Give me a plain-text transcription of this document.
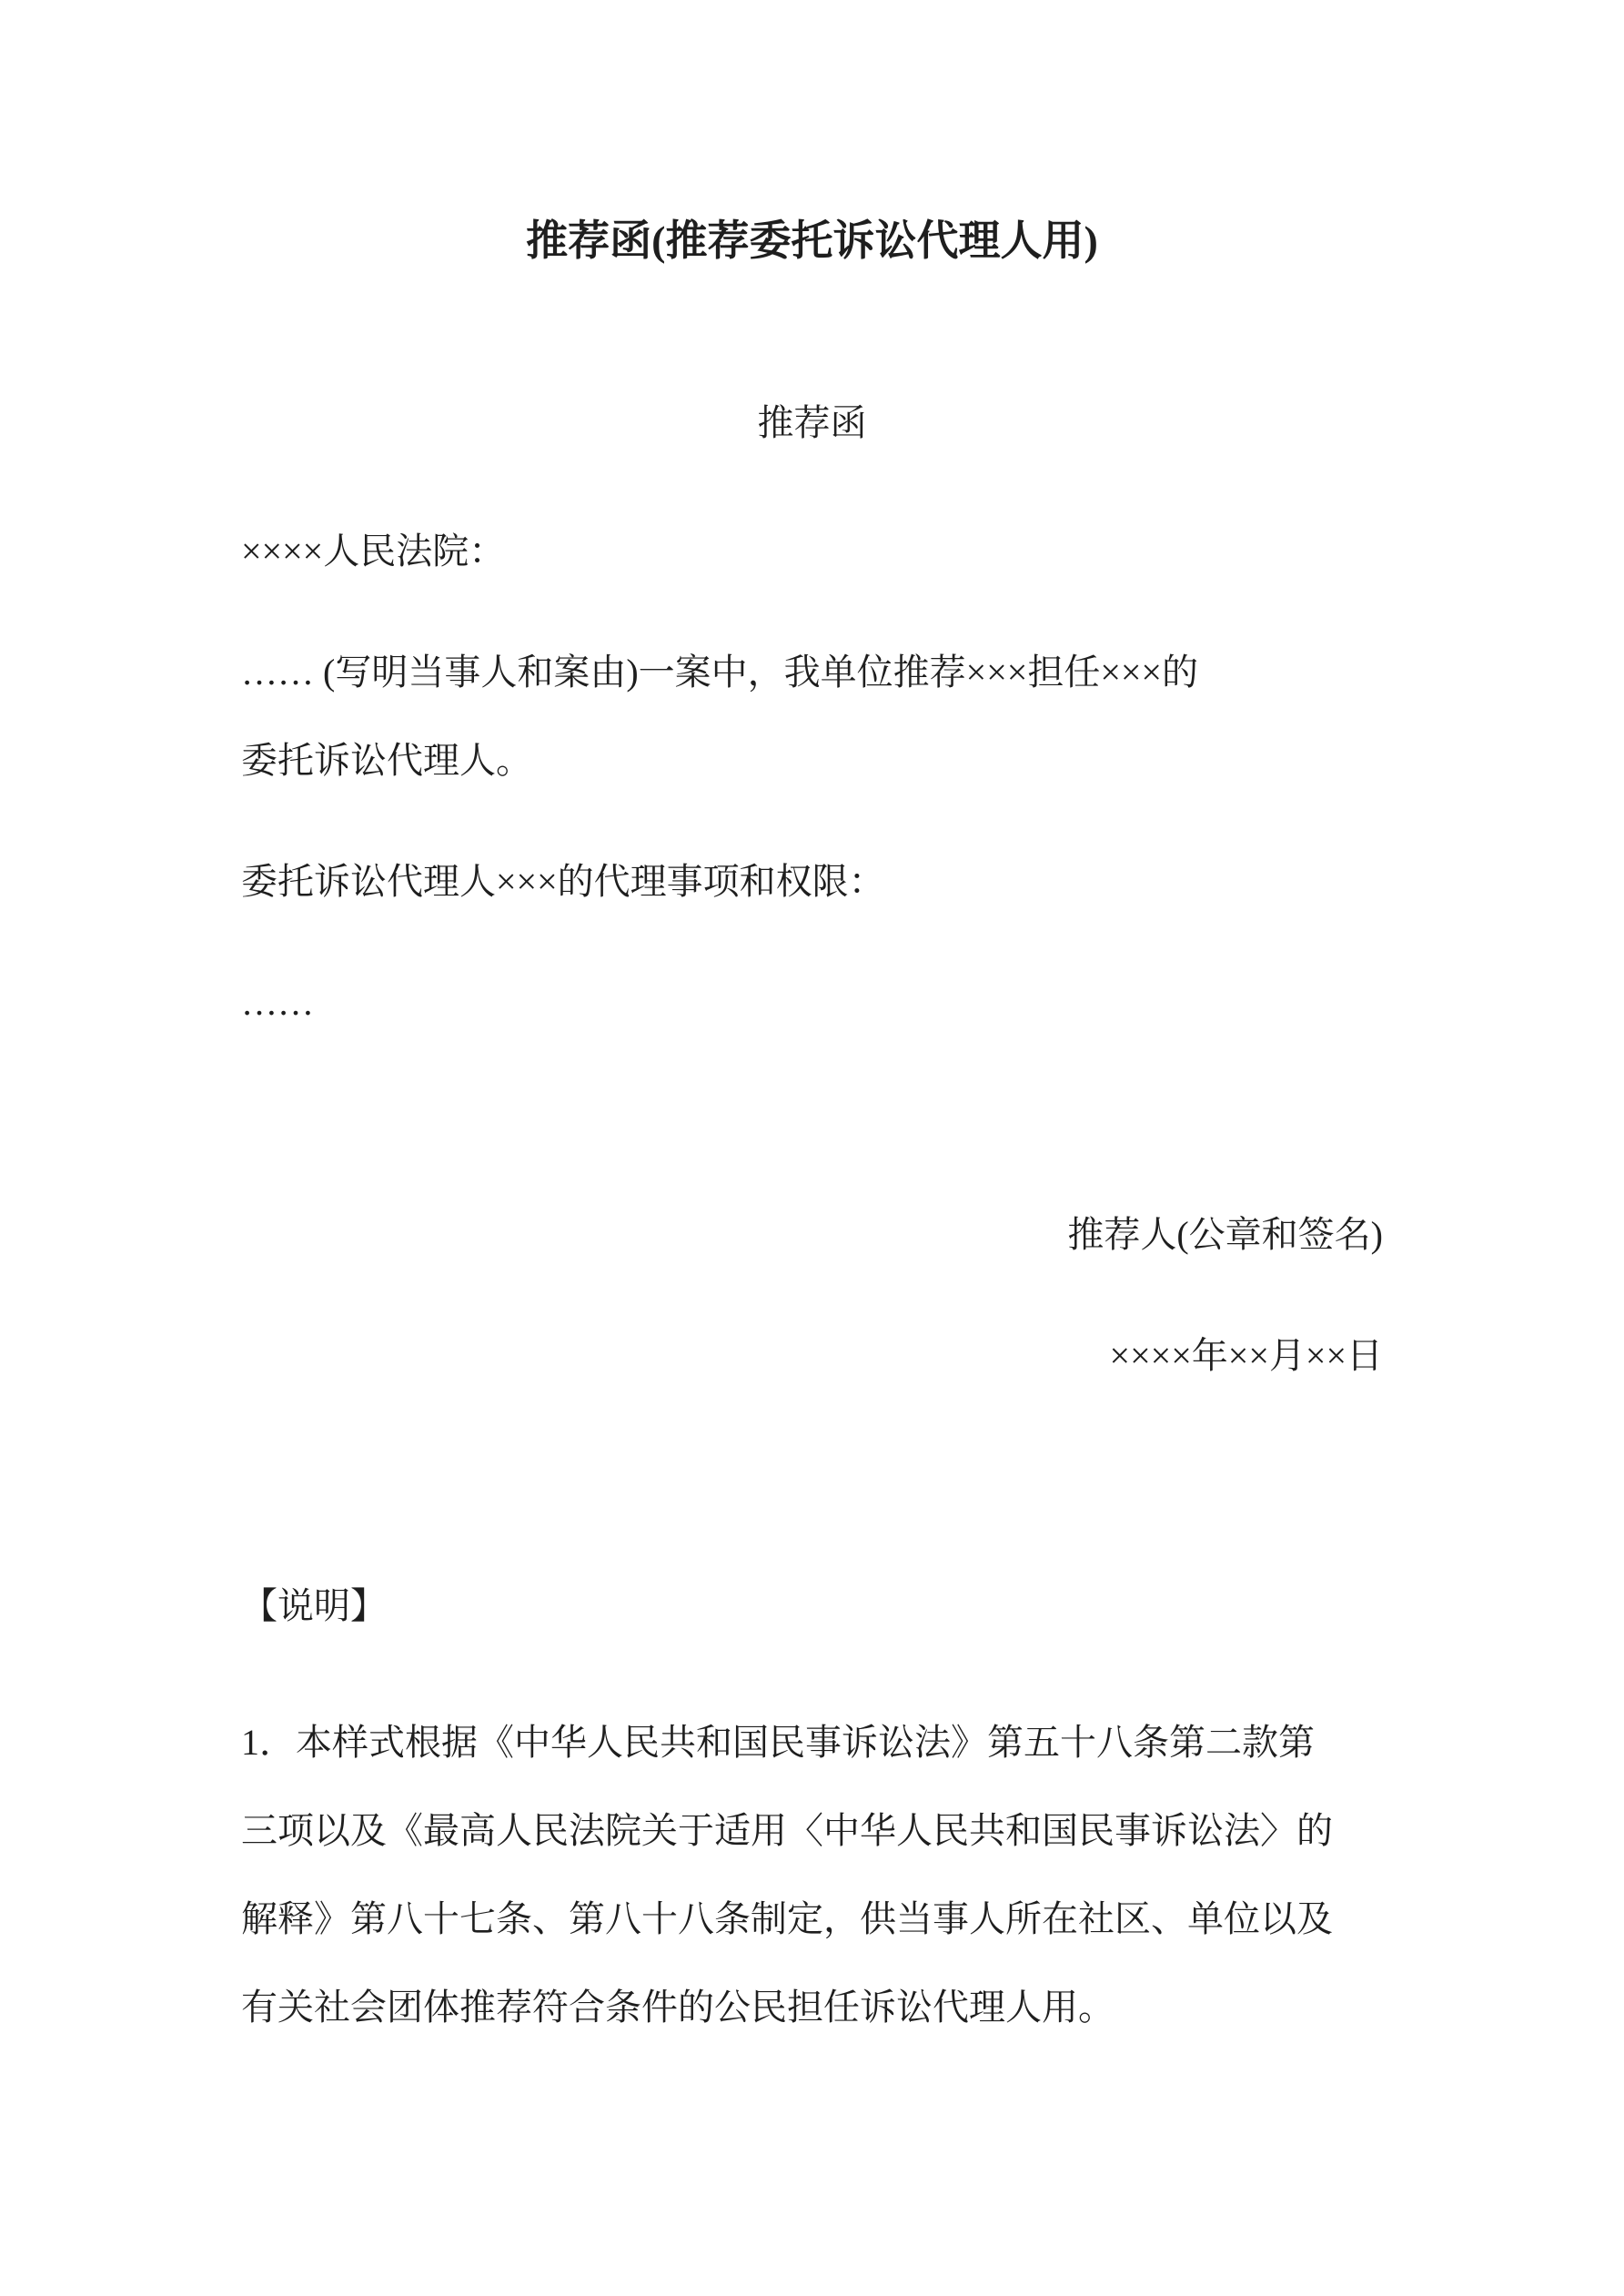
推荐函(推荐委托诉讼代理人用)
推荐函

××××人民法院：

…… (写明当事人和案由)一案中，我单位推荐×××担任×××的
委托诉讼代理人。

委托诉讼代理人×××的代理事项和权限：

……

推荐人(公章和签名)

××××年××月××日

【说明】

1．本样式根据《中华人民共和国民事诉讼法》第五十八条第二款第
三项以及《最高人民法院关于适用〈中华人民共和国民事诉讼法〉的
解释》第八十七条、第八十八条制定，供当事人所在社区、单位以及
有关社会团体推荐符合条件的公民担任诉讼代理人用。
